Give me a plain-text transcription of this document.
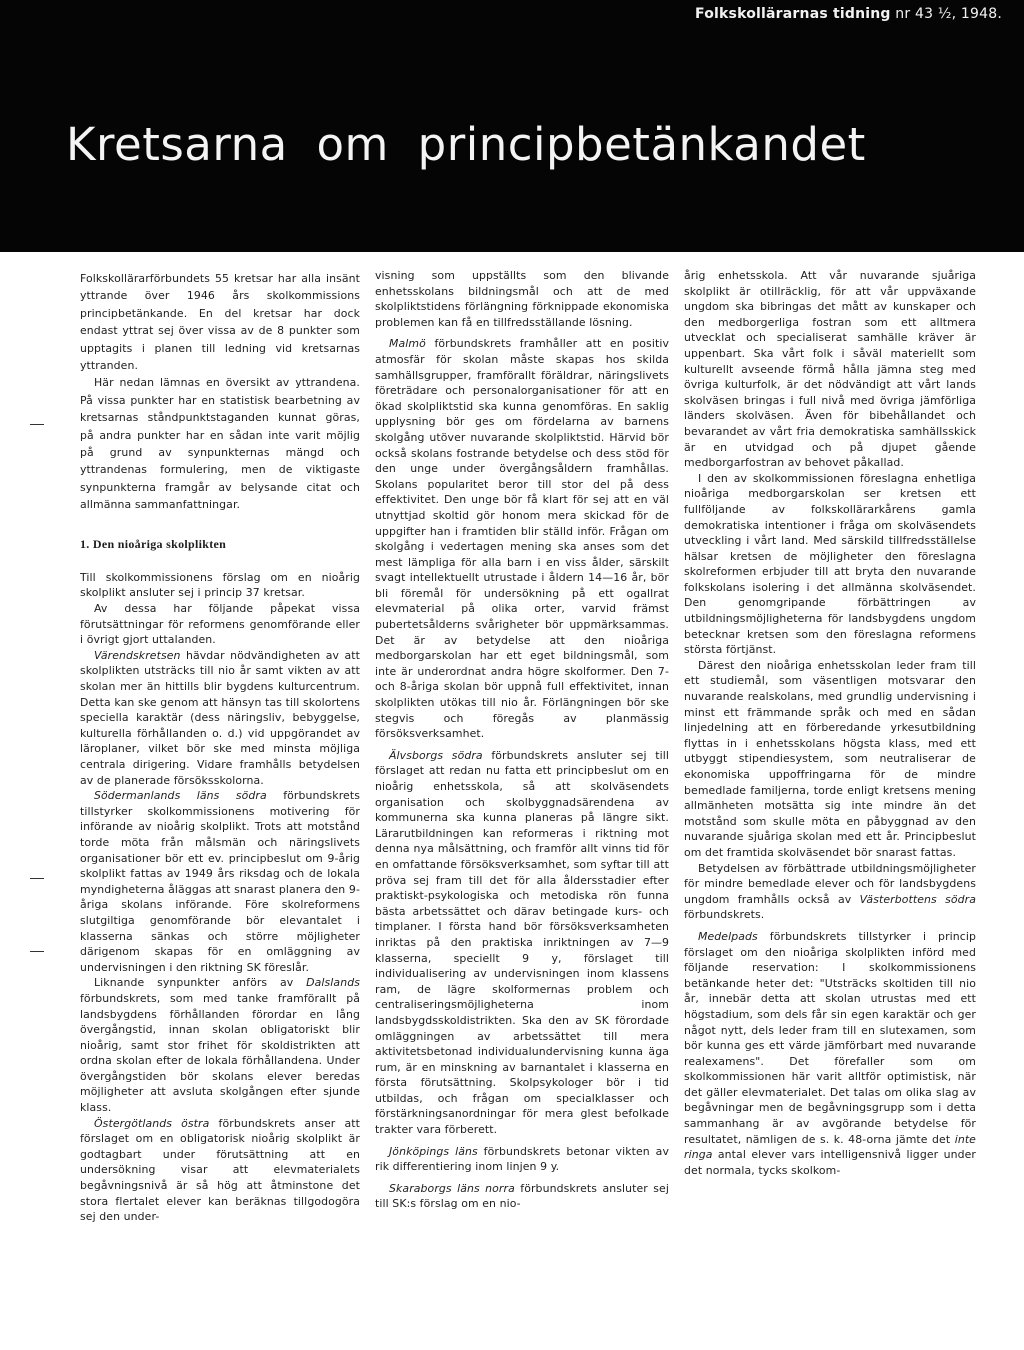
Folkskollärarnas tidning nr 43 ½, 1948.
Kretsarna om principbetänkandet

Folkskollärarförbundets 55 kretsar har alla insänt yttrande över 1946 års skolkommissions principbetänkande. En del kretsar har dock endast yttrat sej över vissa av de 8 punkter som upptagits i planen till ledning vid kretsarnas yttranden.

Här nedan lämnas en översikt av yttrandena. På vissa punkter har en statistisk bearbetning av kretsarnas ståndpunktstaganden kunnat göras, på andra punkter har en sådan inte varit möjlig på grund av synpunkternas mängd och yttrandenas formulering, men de viktigaste synpunkterna framgår av belysande citat och allmänna sammanfattningar.

1. Den nioåriga skolplikten

Till skolkommissionens förslag om en nioårig skolplikt ansluter sej i princip 37 kretsar.

Av dessa har följande påpekat vissa förutsättningar för reformens genomförande eller i övrigt gjort uttalanden.

Värendskretsen hävdar nödvändigheten av att skolplikten utsträcks till nio år samt vikten av att skolan mer än hittills blir bygdens kulturcentrum. Detta kan ske genom att hänsyn tas till skolortens speciella karaktär (dess näringsliv, bebyggelse, kulturella förhållanden o. d.) vid uppgörandet av läroplaner, vilket bör ske med minsta möjliga centrala dirigering. Vidare framhålls betydelsen av de planerade försöksskolorna.

Södermanlands läns södra förbundskrets tillstyrker skolkommissionens motivering för införande av nioårig skolplikt. Trots att motstånd torde möta från målsmän och näringslivets organisationer bör ett ev. principbeslut om 9-årig skolplikt fattas av 1949 års riksdag och de lokala myndigheterna åläggas att snarast planera den 9-åriga skolans införande. Före skolreformens slutgiltiga genomförande bör elevantalet i klasserna sänkas och större möjligheter därigenom skapas för en omläggning av undervisningen i den riktning SK föreslår.

Liknande synpunkter anförs av Dalslands förbundskrets, som med tanke framförallt på landsbygdens förhållanden förordar en lång övergångstid, innan skolan obligatoriskt blir nioårig, samt stor frihet för skoldistrikten att ordna skolan efter de lokala förhållandena. Under övergångstiden bör skolans elever beredas möjligheter att avsluta skolgången efter sjunde klass.

Östergötlands östra förbundskrets anser att förslaget om en obligatorisk nioårig skolplikt är godtagbart under förutsättning att en undersökning visar att elevmaterialets begåvningsnivå är så hög att åtminstone det stora flertalet elever kan beräknas tillgodogöra sej den under-

visning som uppställts som den blivande enhetsskolans bildningsmål och att de med skolpliktstidens förlängning förknippade ekonomiska problemen kan få en tillfredsställande lösning.

Malmö förbundskrets framhåller att en positiv atmosfär för skolan måste skapas hos skilda samhällsgrupper, framförallt föräldrar, näringslivets företrädare och personalorganisationer för att en ökad skolpliktstid ska kunna genomföras. En saklig upplysning bör ges om fördelarna av barnens skolgång utöver nuvarande skolpliktstid. Härvid bör också skolans fostrande betydelse och dess stöd för den unge under övergångsåldern framhållas. Skolans popularitet beror till stor del på dess effektivitet. Den unge bör få klart för sej att en väl utnyttjad skoltid gör honom mera skickad för de uppgifter han i framtiden blir ställd inför. Frågan om skolgång i vedertagen mening ska anses som det mest lämpliga för alla barn i en viss ålder, särskilt svagt intellektuellt utrustade i åldern 14—16 år, bör bli föremål för undersökning på ett ogallrat elevmaterial på olika orter, varvid främst pubertetsålderns svårigheter bör uppmärksammas. Det är av betydelse att den nioåriga medborgarskolan har ett eget bildningsmål, som inte är underordnat andra högre skolformer. Den 7- och 8-åriga skolan bör uppnå full effektivitet, innan skolplikten utökas till nio år. Förlängningen bör ske stegvis och föregås av planmässig försöksverksamhet.

Älvsborgs södra förbundskrets ansluter sej till förslaget att redan nu fatta ett principbeslut om en nioårig enhetsskola, så att skolväsendets organisation och skolbyggnadsärendena av kommunerna ska kunna planeras på längre sikt. Lärarutbildningen kan reformeras i riktning mot denna nya målsättning, och framför allt vinns tid för en omfattande försöksverksamhet, som syftar till att pröva sej fram till det för alla åldersstadier efter praktiskt-psykologiska och metodiska rön funna bästa arbetssättet och därav betingade kurs- och timplaner. I första hand bör försöksverksamheten inriktas på den praktiska inriktningen av 7—9 klasserna, speciellt 9 y, förslaget till individualisering av undervisningen inom klassens ram, de lägre skolformernas problem och centraliseringsmöjligheterna inom landsbygdsskoldistrikten. Ska den av SK förordade omläggningen av arbetssättet till mera aktivitetsbetonad individualundervisning kunna äga rum, är en minskning av barnantalet i klasserna en första förutsättning. Skolpsykologer bör i tid utbildas, och frågan om specialklasser och förstärkningsanordningar för mera glest befolkade trakter vara förberett.

Jönköpings läns förbundskrets betonar vikten av rik differentiering inom linjen 9 y.

Skaraborgs läns norra förbundskrets ansluter sej till SK:s förslag om en nio-

årig enhetsskola. Att vår nuvarande sjuåriga skolplikt är otillräcklig, för att vår uppväxande ungdom ska bibringas det mått av kunskaper och den medborgerliga fostran som ett alltmera utvecklat och specialiserat samhälle kräver är uppenbart. Ska vårt folk i såväl materiellt som kulturellt avseende förmå hålla jämna steg med övriga kulturfolk, är det nödvändigt att vårt lands skolväsen bringas i full nivå med övriga jämförliga länders skolväsen. Även för bibehållandet och bevarandet av vårt fria demokratiska samhällsskick är en utvidgad och på djupet gående medborgarfostran av behovet påkallad.

I den av skolkommissionen föreslagna enhetliga nioåriga medborgarskolan ser kretsen ett fullföljande av folkskollärarkårens gamla demokratiska intentioner i fråga om skolväsendets utveckling i vårt land. Med särskild tillfredsställelse hälsar kretsen de möjligheter den föreslagna skolreformen erbjuder till att bryta den nuvarande folkskolans isolering i det allmänna skolväsendet. Den genomgripande förbättringen av utbildningsmöjligheterna för landsbygdens ungdom betecknar kretsen som den föreslagna reformens största förtjänst.

Därest den nioåriga enhetsskolan leder fram till ett studiemål, som väsentligen motsvarar den nuvarande realskolans, med grundlig undervisning i minst ett främmande språk och med en sådan linjedelning att en förberedande yrkesutbildning flyttas in i enhetsskolans högsta klass, med ett utbyggt stipendiesystem, som neutraliserar de ekonomiska uppoffringarna för de mindre bemedlade familjerna, torde enligt kretsens mening allmänheten motsätta sig inte mindre än det motstånd som skulle möta en påbyggnad av den nuvarande sjuåriga skolan med ett år. Principbeslut om det framtida skolväsendet bör snarast fattas.

Betydelsen av förbättrade utbildningsmöjligheter för mindre bemedlade elever och för landsbygdens ungdom framhålls också av Västerbottens södra förbundskrets.

Medelpads förbundskrets tillstyrker i princip förslaget om den nioåriga skolplikten införd med följande reservation: I skolkommissionens betänkande heter det: "Utsträcks skoltiden till nio år, innebär detta att skolan utrustas med ett högstadium, som dels får sin egen karaktär och ger något nytt, dels leder fram till en slutexamen, som bör kunna ges ett värde jämförbart med nuvarande realexamens". Det förefaller som om skolkommissionen här varit alltför optimistisk, när det gäller elevmaterialet. Det talas om olika slag av begåvningar men de begåvningsgrupp som i detta sammanhang är av avgörande betydelse för resultatet, nämligen de s. k. 48-orna jämte det inte ringa antal elever vars intelligensnivå ligger under det normala, tycks skolkom-
